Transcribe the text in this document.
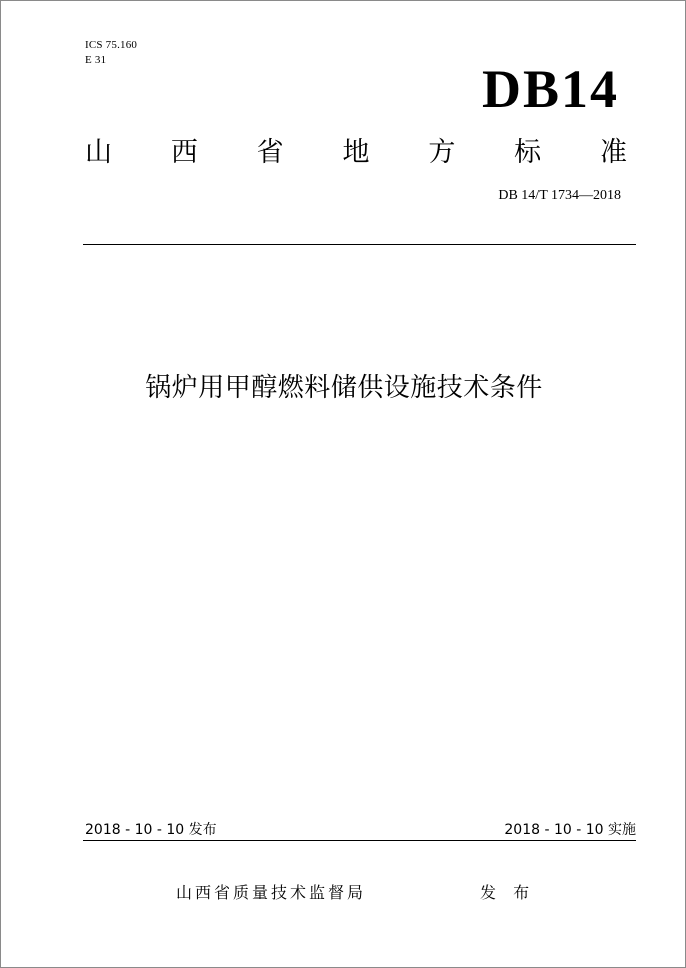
ICS 75.160
E 31	DB14
山 西 省 地 方 标 准
DB 14/T 1734—2018
锅炉用甲醇燃料储供设施技术条件
2018 - 10 - 10 发布	2018 - 10 - 10 实施
山西省质量技术监督局	发 布
